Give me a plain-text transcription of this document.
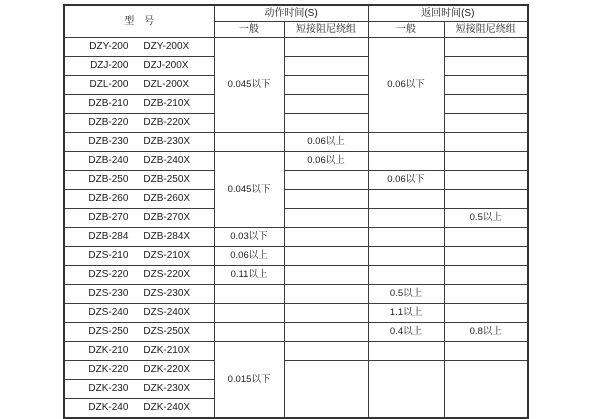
型　号	动作时间(S)		返回时间(S)	
	一般	短接阻尼绕组	一般	短接阻尼绕组

DZY-200 DZY-200X	0.045以下		0.06以下	

DZJ-200 DZJ-200X				

DZL-200 DZL-200X				

DZB-210 DZB-210X				

DZB-220 DZB-220X				

DZB-230 DZB-230X		0.06以上		

DZB-240 DZB-240X	0.045以下	0.06以上		

DZB-250 DZB-250X			0.06以下	

DZB-260 DZB-260X				

DZB-270 DZB-270X				0.5以上

DZB-284 DZB-284X	0.03以下			

DZS-210 DZS-210X	0.06以上			

DZS-220 DZS-220X	0.11以上			

DZS-230 DZS-230X			0.5以上	

DZS-240 DZS-240X			1.1以上	

DZS-250 DZS-250X			0.4以上	0.8以上

DZK-210 DZK-210X	0.015以下			

DZK-220 DZK-220X				

DZK-230 DZK-230X				

DZK-240 DZK-240X				
